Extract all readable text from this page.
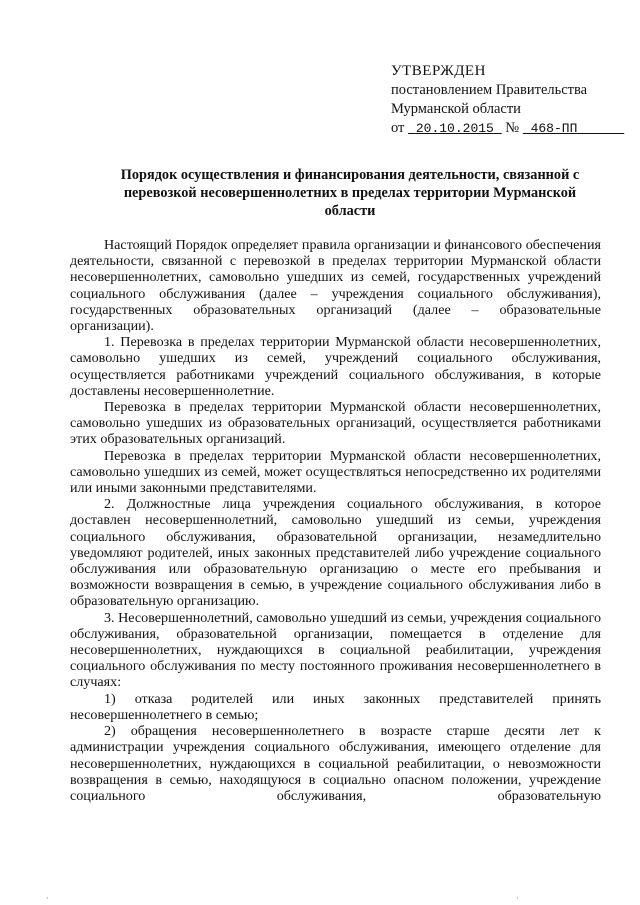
УТВЕРЖДЕН
постановлением Правительства
Мурманской области
от 20.10.2015 № 468-ПП
Порядок осуществления и финансирования деятельности, связанной с перевозкой несовершеннолетних в пределах территории Мурманской области

Настоящий Порядок определяет правила организации и финансового обеспечения деятельности, связанной с перевозкой в пределах территории Мурманской области несовершеннолетних, самовольно ушедших из семей, государственных учреждений социального обслуживания (далее – учреждения социального обслуживания), государственных образовательных организаций (далее – образовательные организации).

1. Перевозка в пределах территории Мурманской области несовершеннолетних, самовольно ушедших из семей, учреждений социального обслуживания, осуществляется работниками учреждений социального обслуживания, в которые доставлены несовершеннолетние.

Перевозка в пределах территории Мурманской области несовершеннолетних, самовольно ушедших из образовательных организаций, осуществляется работниками этих образовательных организаций.

Перевозка в пределах территории Мурманской области несовершеннолетних, самовольно ушедших из семей, может осуществляться непосредственно их родителями или иными законными представителями.

2. Должностные лица учреждения социального обслуживания, в которое доставлен несовершеннолетний, самовольно ушедший из семьи, учреждения социального обслуживания, образовательной организации, незамедлительно уведомляют родителей, иных законных представителей либо учреждение социального обслуживания или образовательную организацию о месте его пребывания и возможности возвращения в семью, в учреждение социального обслуживания либо в образовательную организацию.

3. Несовершеннолетний, самовольно ушедший из семьи, учреждения социального обслуживания, образовательной организации, помещается в отделение для несовершеннолетних, нуждающихся в социальной реабилитации, учреждения социального обслуживания по месту постоянного проживания несовершеннолетнего в случаях:

1) отказа родителей или иных законных представителей принять несовершеннолетнего в семью;

2) обращения несовершеннолетнего в возрасте старше десяти лет к администрации учреждения социального обслуживания, имеющего отделение для несовершеннолетних, нуждающихся в социальной реабилитации, о невозможности возвращения в семью, находящуюся в социально опасном положении, учреждение социального обслуживания, образовательную

·	·
